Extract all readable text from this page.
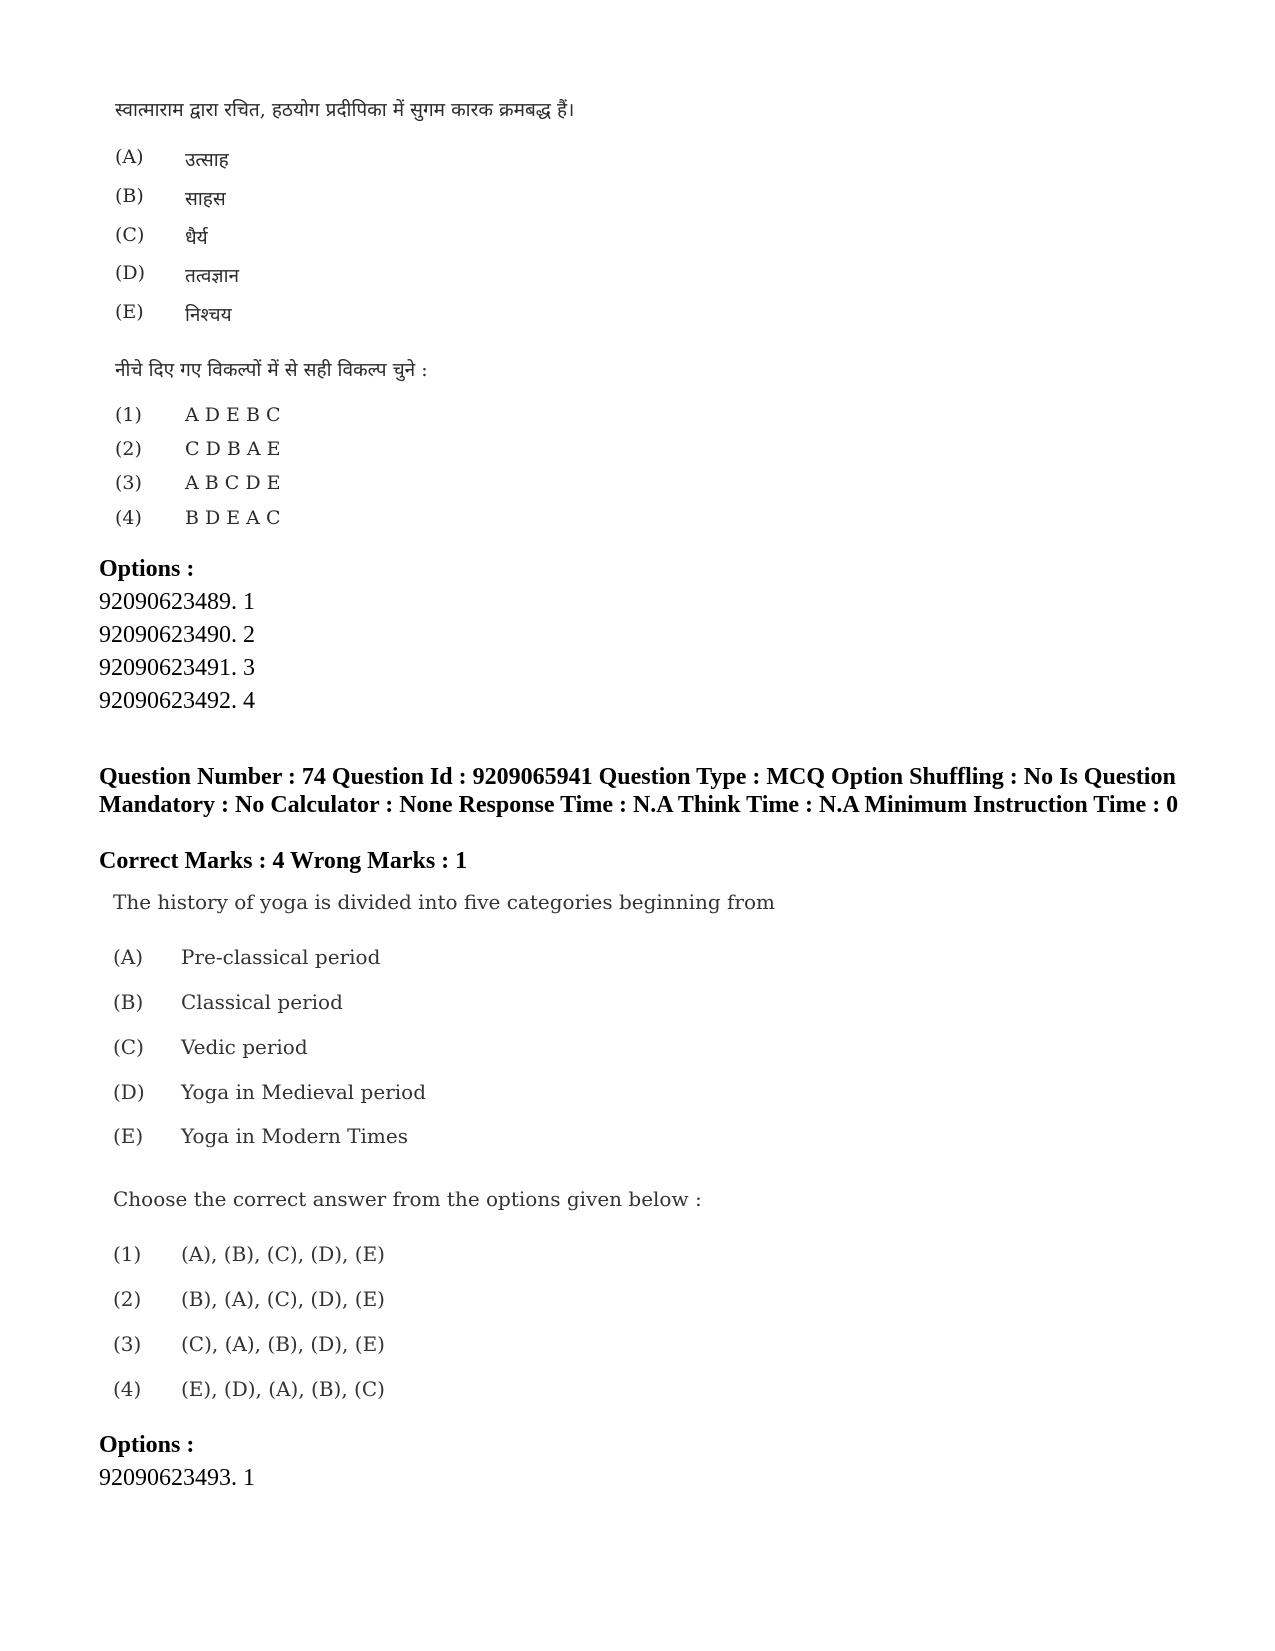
स्वात्माराम द्वारा रचित, हठयोग प्रदीपिका में सुगम कारक क्रमबद्ध हैं।
(A) उत्साह
(B) साहस
(C) धैर्य
(D) तत्वज्ञान
(E) निश्चय
नीचे दिए गए विकल्पों में से सही विकल्प चुने :
(1) A D E B C
(2) C D B A E
(3) A B C D E
(4) B D E A C
Options :
92090623489. 1
92090623490. 2
92090623491. 3
92090623492. 4
Question Number : 74 Question Id : 9209065941 Question Type : MCQ Option Shuffling : No Is Question Mandatory : No Calculator : None Response Time : N.A Think Time : N.A Minimum Instruction Time : 0
Correct Marks : 4 Wrong Marks : 1
The history of yoga is divided into five categories beginning from
(A) Pre-classical period
(B) Classical period
(C) Vedic period
(D) Yoga in Medieval period
(E) Yoga in Modern Times
Choose the correct answer from the options given below :
(1) (A), (B), (C), (D), (E)
(2) (B), (A), (C), (D), (E)
(3) (C), (A), (B), (D), (E)
(4) (E), (D), (A), (B), (C)
Options :
92090623493. 1
